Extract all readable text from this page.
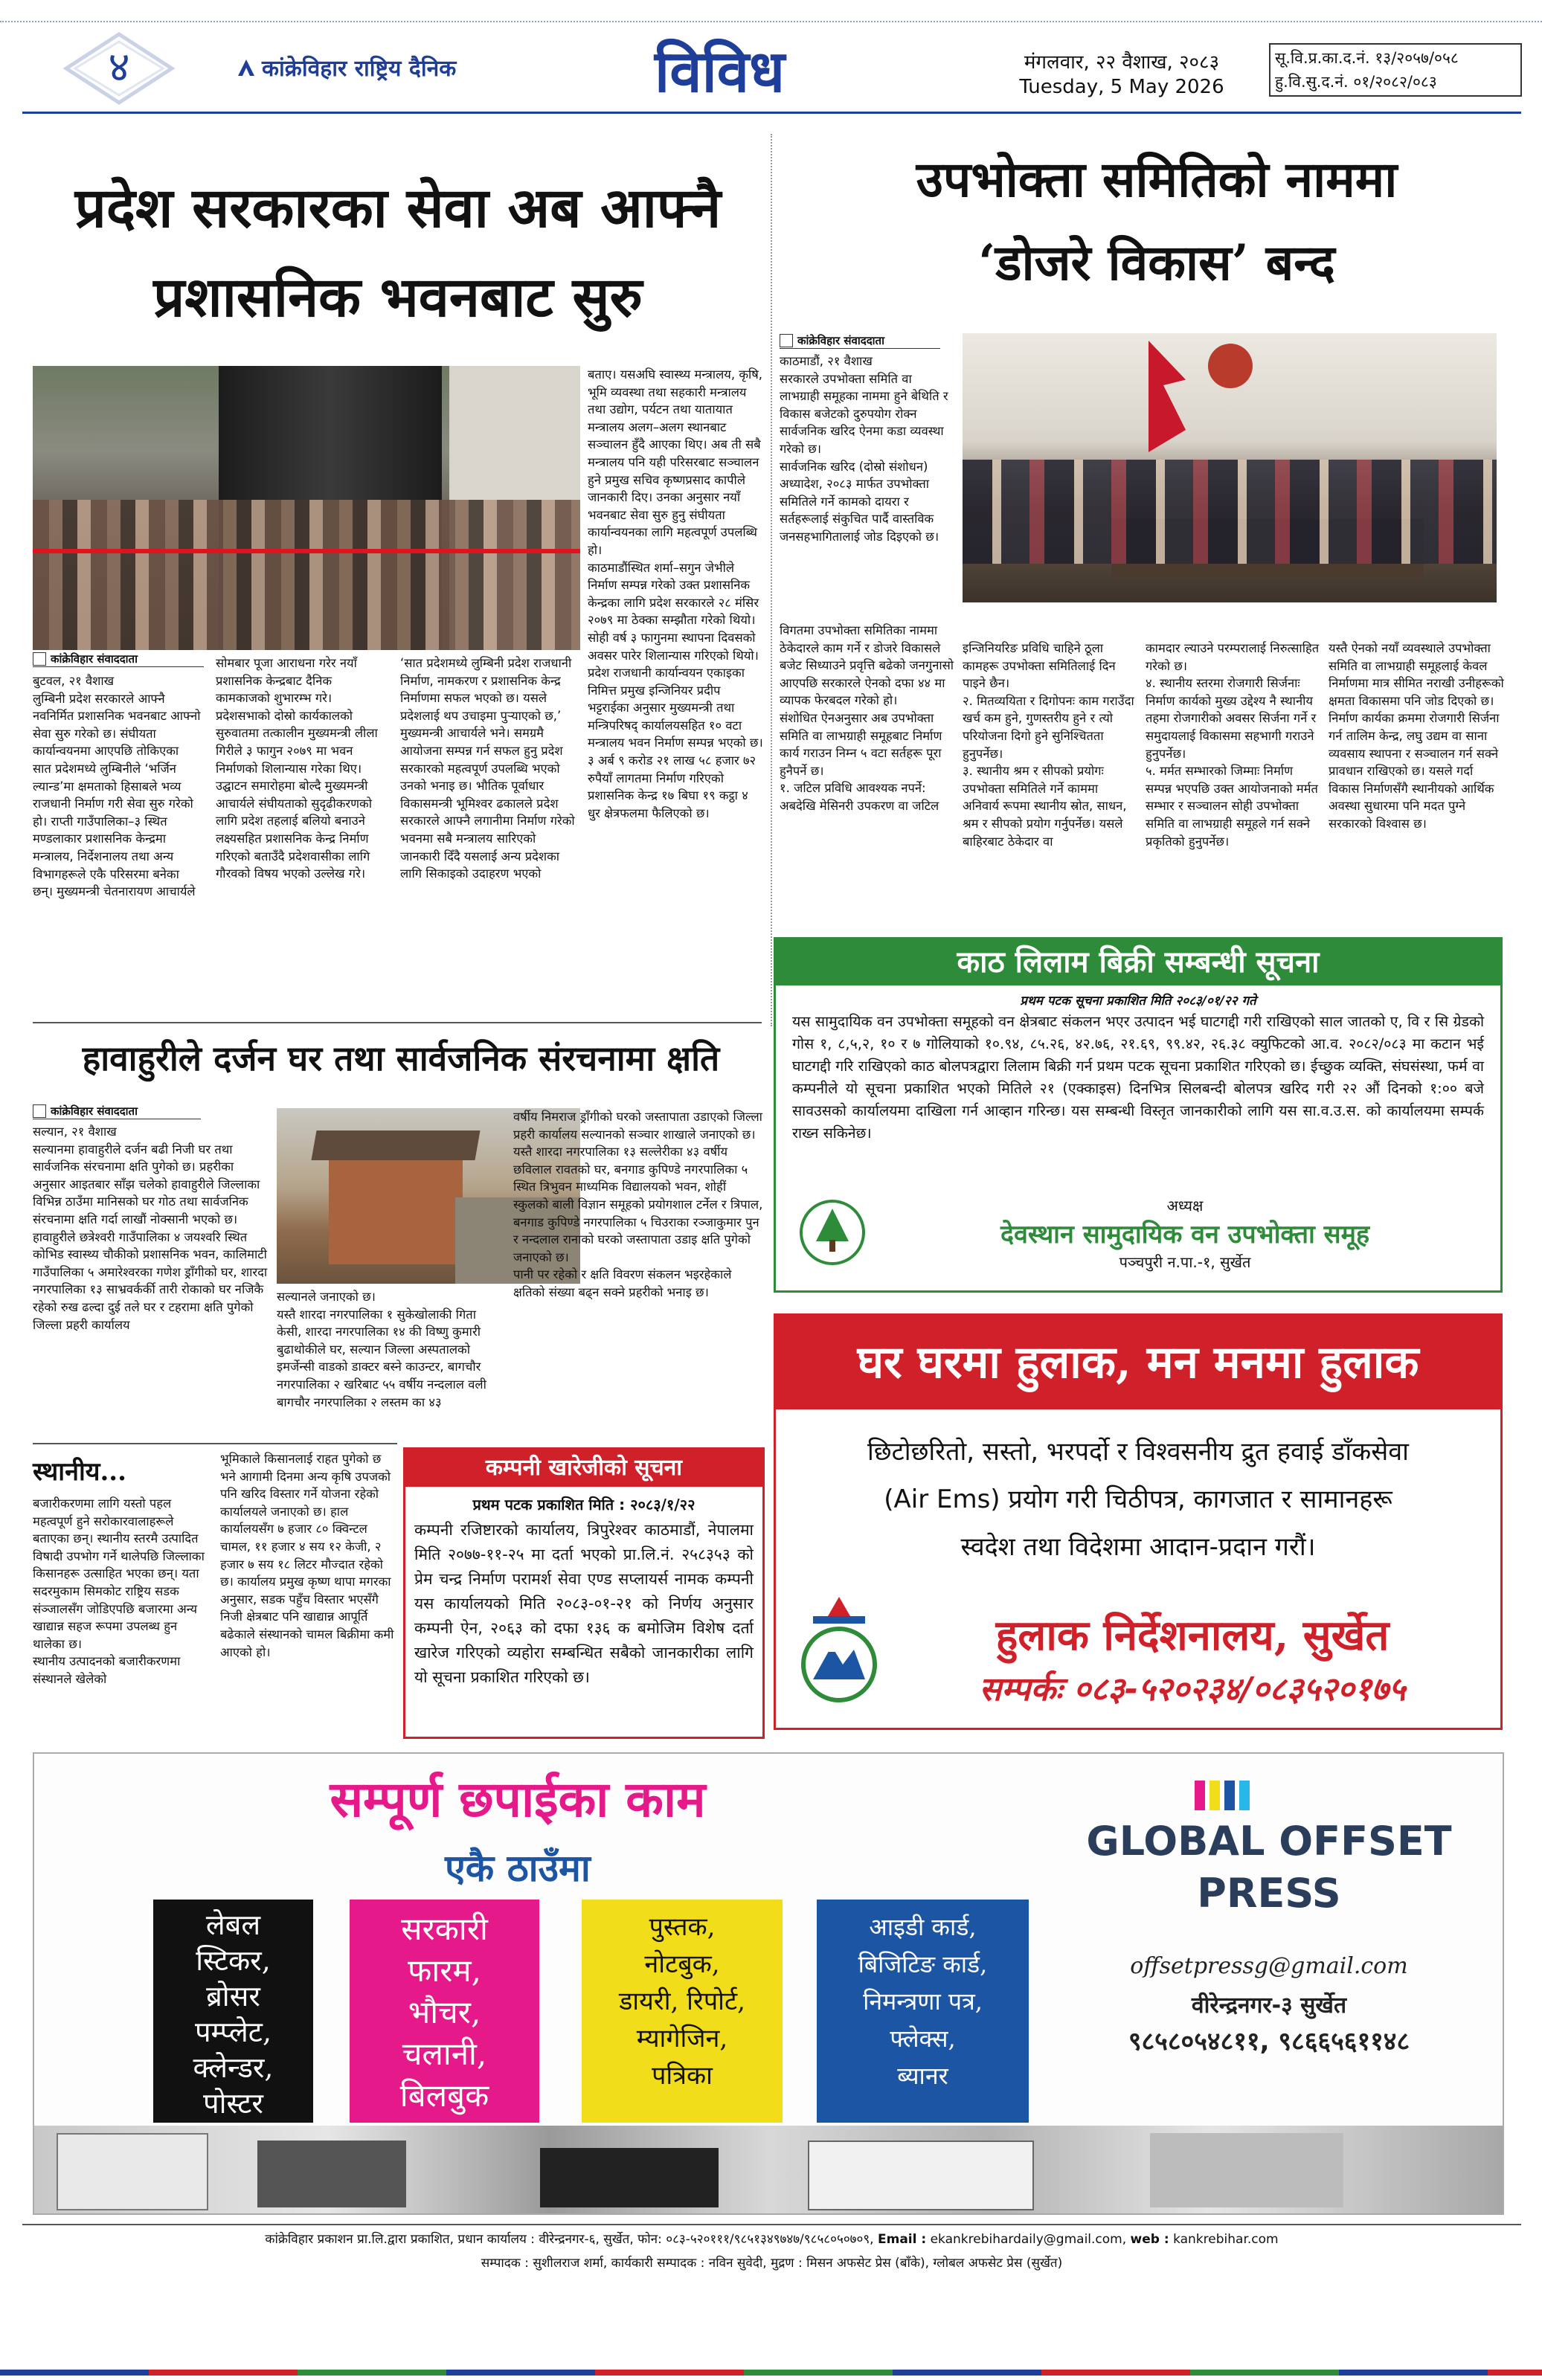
४	कांक्रेविहार राष्ट्रिय दैनिक	विविध	मंगलवार, २२ वैशाख, २०८३
Tuesday, 5 May 2026
सू.वि.प्र.का.द.नं. १३/२०५७/०५८
हु.वि.सु.द.नं. ०१/२०८२/०८३
प्रदेश सरकारका सेवा अब आफ्नै
प्रशासनिक भवनबाट सुरु

बताए। यसअघि स्वास्थ्य मन्त्रालय, कृषि, भूमि व्यवस्था तथा सहकारी मन्त्रालय तथा उद्योग, पर्यटन तथा यातायात मन्त्रालय अलग–अलग स्थानबाट सञ्चालन हुँदै आएका थिए। अब ती सबै मन्त्रालय पनि यही परिसरबाट सञ्चालन हुने प्रमुख सचिव कृष्णप्रसाद कापीले जानकारी दिए। उनका अनुसार नयाँ भवनबाट सेवा सुरु हुनु संघीयता कार्यान्वयनका लागि महत्वपूर्ण उपलब्धि हो।
काठमाडौंस्थित शर्मा–सगुन जेभीले निर्माण सम्पन्न गरेको उक्त प्रशासनिक केन्द्रका लागि प्रदेश सरकारले २८ मंसिर २०७९ मा ठेक्का सम्झौता गरेको थियो। सोही वर्ष ३ फागुनमा स्थापना दिवसको अवसर पारेर शिलान्यास गरिएको थियो। प्रदेश राजधानी कार्यान्वयन एकाइका निमित्त प्रमुख इन्जिनियर प्रदीप भट्टराईका अनुसार मुख्यमन्त्री तथा मन्त्रिपरिषद् कार्यालयसहित १० वटा मन्त्रालय भवन निर्माण सम्पन्न भएको छ। ३ अर्ब ९ करोड २१ लाख ५८ हजार ७२ रुपैयाँ लागतमा निर्माण गरिएको प्रशासनिक केन्द्र १७ बिघा १९ कट्ठा ४ धुर क्षेत्रफलमा फैलिएको छ।

कांक्रेविहार संवाददाता

बुटवल, २१ वैशाख
लुम्बिनी प्रदेश सरकारले आफ्नै नवनिर्मित प्रशासनिक भवनबाट आफ्नो सेवा सुरु गरेको छ। संघीयता कार्यान्वयनमा आएपछि तोकिएका सात प्रदेशमध्ये लुम्बिनीले ‘भर्जिन ल्यान्ड’मा क्षमताको हिसाबले भव्य राजधानी निर्माण गरी सेवा सुरु गरेको हो। राप्ती गाउँपालिका–३ स्थित मण्डलाकार प्रशासनिक केन्द्रमा मन्त्रालय, निर्देशनालय तथा अन्य विभागहरूले एकै परिसरमा बनेका छन्। मुख्यमन्त्री चेतनारायण आचार्यले

सोमबार पूजा आराधना गरेर नयाँ प्रशासनिक केन्द्रबाट दैनिक कामकाजको शुभारम्भ गरे। प्रदेशसभाको दोस्रो कार्यकालको सुरुवातमा तत्कालीन मुख्यमन्त्री लीला गिरीले ३ फागुन २०७९ मा भवन निर्माणको शिलान्यास गरेका थिए।
उद्घाटन समारोहमा बोल्दै मुख्यमन्त्री आचार्यले संघीयताको सुदृढीकरणको लागि प्रदेश तहलाई बलियो बनाउने लक्ष्यसहित प्रशासनिक केन्द्र निर्माण गरिएको बताउँदै प्रदेशवासीका लागि गौरवको विषय भएको उल्लेख गरे।

‘सात प्रदेशमध्ये लुम्बिनी प्रदेश राजधानी निर्माण, नामकरण र प्रशासनिक केन्द्र निर्माणमा सफल भएको छ। यसले प्रदेशलाई थप उचाइमा पुर्‍याएको छ,’ मुख्यमन्त्री आचार्यले भने। समग्रमै आयोजना सम्पन्न गर्न सफल हुनु प्रदेश सरकारको महत्वपूर्ण उपलब्धि भएको उनको भनाइ छ। भौतिक पूर्वाधार विकासमन्त्री भूमिश्वर ढकालले प्रदेश सरकारले आफ्नै लगानीमा निर्माण गरेको भवनमा सबै मन्त्रालय सारिएको जानकारी दिँदै यसलाई अन्य प्रदेशका लागि सिकाइको उदाहरण भएको

उपभोक्ता समितिको नाममा
‘डोजरे विकास’ बन्द
कांक्रेविहार संवाददाता

काठमाडौं, २१ वैशाख
सरकारले उपभोक्ता समिति वा लाभग्राही समूहका नाममा हुने बेथिति र विकास बजेटको दुरुपयोग रोक्न सार्वजनिक खरिद ऐनमा कडा व्यवस्था गरेको छ।
सार्वजनिक खरिद (दोस्रो संशोधन) अध्यादेश, २०८३ मार्फत उपभोक्ता समितिले गर्ने कामको दायरा र सर्तहरूलाई संकुचित पार्दै वास्तविक जनसहभागितालाई जोड दिइएको छ।

विगतमा उपभोक्ता समितिका नाममा ठेकेदारले काम गर्ने र डोजरे विकासले बजेट सिध्याउने प्रवृत्ति बढेको जनगुनासो आएपछि सरकारले ऐनको दफा ४४ मा व्यापक फेरबदल गरेको हो।
संशोधित ऐनअनुसार अब उपभोक्ता समिति वा लाभग्राही समूहबाट निर्माण कार्य गराउन निम्न ५ वटा सर्तहरू पूरा हुनैपर्ने छ।
१. जटिल प्रविधि आवश्यक नपर्ने: अबदेखि मेसिनरी उपकरण वा जटिल

इन्जिनियरिङ प्रविधि चाहिने ठूला कामहरू उपभोक्ता समितिलाई दिन पाइने छैन।
२. मितव्ययिता र दिगोपनः काम गराउँदा खर्च कम हुने, गुणस्तरीय हुने र त्यो परियोजना दिगो हुने सुनिश्चितता हुनुपर्नेछ।
३. स्थानीय श्रम र सीपको प्रयोगः उपभोक्ता समितिले गर्ने काममा अनिवार्य रूपमा स्थानीय स्रोत, साधन, श्रम र सीपको प्रयोग गर्नुपर्नेछ। यसले बाहिरबाट ठेकेदार वा

कामदार ल्याउने परम्परालाई निरुत्साहित गरेको छ।
४. स्थानीय स्तरमा रोजगारी सिर्जनाः निर्माण कार्यको मुख्य उद्देश्य नै स्थानीय तहमा रोजगारीको अवसर सिर्जना गर्ने र समुदायलाई विकासमा सहभागी गराउने हुनुपर्नेछ।
५. मर्मत सम्भारको जिम्माः निर्माण सम्पन्न भएपछि उक्त आयोजनाको मर्मत सम्भार र सञ्चालन सोही उपभोक्ता समिति वा लाभग्राही समूहले गर्न सक्ने प्रकृतिको हुनुपर्नेछ।

यस्तै ऐनको नयाँ व्यवस्थाले उपभोक्ता समिति वा लाभग्राही समूहलाई केवल निर्माणमा मात्र सीमित नराखी उनीहरूको क्षमता विकासमा पनि जोड दिएको छ।
निर्माण कार्यका क्रममा रोजगारी सिर्जना गर्न तालिम केन्द्र, लघु उद्यम वा साना व्यवसाय स्थापना र सञ्चालन गर्न सक्ने प्रावधान राखिएको छ। यसले गर्दा विकास निर्माणसँगै स्थानीयको आर्थिक अवस्था सुधारमा पनि मदत पुग्ने सरकारको विश्वास छ।

काठ लिलाम बिक्री सम्बन्धी सूचना
प्रथम पटक सूचना प्रकाशित मिति २०८३/०१/२२ गते
यस सामुदायिक वन उपभोक्ता समूहको वन क्षेत्रबाट संकलन भएर उत्पादन भई घाटगद्दी गरी राखिएको साल जातको ए, वि र सि ग्रेडको गोस १, ८,५,२, १० र ७ गोलियाको १०.९४, ८५.२६, ४२.७६, २१.६९, ९९.४२, २६.३८ क्युफिटको आ.व. २०८२/०८३ मा कटान भई घाटगद्दी गरि राखिएको काठ बोलपत्रद्वारा लिलाम बिक्री गर्न प्रथम पटक सूचना प्रकाशित गरिएको छ। ईच्छुक व्यक्ति, संघसंस्था, फर्म वा कम्पनीले यो सूचना प्रकाशित भएको मितिले २१ (एक्काइस) दिनभित्र सिलबन्दी बोलपत्र खरिद गरी २२ औं दिनको १:०० बजे सावउसको कार्यालयमा दाखिला गर्न आव्हान गरिन्छ। यस सम्बन्धी विस्तृत जानकारीको लागि यस सा.व.उ.स. को कार्यालयमा सम्पर्क राख्न सकिनेछ।
अध्यक्ष
देवस्थान सामुदायिक वन उपभोक्ता समूह
पञ्चपुरी न.पा.-१, सुर्खेत
हावाहुरीले दर्जन घर तथा सार्वजनिक संरचनामा क्षति
कांक्रेविहार संवाददाता

सल्यान, २१ वैशाख
सल्यानमा हावाहुरीले दर्जन बढी निजी घर तथा सार्वजनिक संरचनामा क्षति पुगेको छ। प्रहरीका अनुसार आइतबार साँझ चलेको हावाहुरीले जिल्लाका विभिन्न ठाउँमा मानिसको घर गोठ तथा सार्वजनिक संरचनामा क्षति गर्दा लाखौं नोक्सानी भएको छ।
हावाहुरीले छत्रेश्वरी गाउँपालिका ४ जयश्वरि स्थित कोभिड स्वास्थ्य चौकीको प्रशासनिक भवन, कालिमाटी गाउँपालिका ५ अमारेश्वरका गणेश ड्राँगीको घर, शारदा नगरपालिका १३ साभ्रवर्कर्की तारी रोकाको घर नजिकै रहेको रुख ढल्दा दुई तले घर र टहरामा क्षति पुगेको जिल्ला प्रहरी कार्यालय

सल्यानले जनाएको छ।
यस्तै शारदा नगरपालिका १ सुकेखोलाकी गिता केसी, शारदा नगरपालिका १४ की विष्णु कुमारी बुढाथोकीले घर, सल्यान जिल्ला अस्पतालको इमर्जेन्सी वाडको डाक्टर बस्ने काउन्टर, बागचौर नगरपालिका २ खरिबाट ५५ वर्षीय नन्दलाल वली बागचौर नगरपालिका २ लस्तम का ४३

वर्षीय निमराज ड्राँगीको घरको जस्तापाता उडाएको जिल्ला प्रहरी कार्यालय सल्यानको सञ्चार शाखाले जनाएको छ।
यस्तै शारदा नगरपालिका १३ सल्लेरीका ४३ वर्षीय छविलाल रावतको घर, बनगाड कुपिण्डे नगरपालिका ५ स्थित त्रिभुवन माध्यमिक विद्यालयको भवन, शोहीं स्कुलको बाली विज्ञान समूहको प्रयोगशाल टर्नेल र त्रिपाल, बनगाड कुपिण्डे नगरपालिका ५ चिउराका रञ्जाकुमार पुन र नन्दलाल रानाको घरको जस्तापाता उडाइ क्षति पुगेको जनाएको छ।
पानी पर रहेको र क्षति विवरण संकलन भइरहेकाले क्षतिको संख्या बढ्न सक्ने प्रहरीको भनाइ छ।

स्थानीय...

बजारीकरणमा लागि यस्तो पहल महत्वपूर्ण हुने सरोकारवालाहरूले बताएका छन्। स्थानीय स्तरमै उत्पादित विषादी उपभोग गर्ने थालेपछि जिल्लाका किसानहरू उत्साहित भएका छन्। यता सदरमुकाम सिमकोट राष्ट्रिय सडक संञ्जालसँग जोडिएपछि बजारमा अन्य खाद्यान्न सहज रूपमा उपलब्ध हुन थालेका छ।
स्थानीय उत्पादनको बजारीकरणमा संस्थानले खेलेको

भूमिकाले किसानलाई राहत पुगेको छ भने आगामी दिनमा अन्य कृषि उपजको पनि खरिद विस्तार गर्ने योजना रहेको कार्यालयले जनाएको छ। हाल कार्यालयसँग ७ हजार ८० क्विन्टल चामल, ११ हजार ४ सय १२ केजी, २ हजार ७ सय १८ लिटर मौज्दात रहेको छ। कार्यालय प्रमुख कृष्ण थापा मगरका अनुसार, सडक पहुँच विस्तार भएसँगै निजी क्षेत्रबाट पनि खाद्यान्न आपूर्ति बढेकाले संस्थानको चामल बिक्रीमा कमी आएको हो।

कम्पनी खारेजीको सूचना
प्रथम पटक प्रकाशित मिति : २०८३/१/२२
कम्पनी रजिष्टारको कार्यालय, त्रिपुरेश्वर काठमाडौं, नेपालमा मिति २०७७-११-२५ मा दर्ता भएको प्रा.लि.नं. २५८३५३ को प्रेम चन्द्र निर्माण परामर्श सेवा एण्ड सप्लायर्स नामक कम्पनी यस कार्यालयको मिति २०८३-०१-२१ को निर्णय अनुसार कम्पनी ऐन, २०६३ को दफा १३६ क बमोजिम विशेष दर्ता खारेज गरिएको व्यहोरा सम्बन्धित सबैको जानकारीका लागि यो सूचना प्रकाशित गरिएको छ।
घर घरमा हुलाक, मन मनमा हुलाक
छिटोछरितो, सस्तो, भरपर्दो र विश्वसनीय द्रुत हवाई डाँकसेवा
(Air Ems) प्रयोग गरी चिठीपत्र, कागजात र सामानहरू
स्वदेश तथा विदेशमा आदान-प्रदान गरौं।
हुलाक निर्देशनालय, सुर्खेत
सम्पर्कः ०८३-५२०२३४/०८३५२०१७५
सम्पूर्ण छपाईका काम
एकै ठाउँमा
लेबल
स्टिकर,
ब्रोसर
पम्प्लेट,
क्लेन्डर,
पोस्टर
सरकारी
फारम,
भौचर,
चलानी,
बिलबुक
पुस्तक,
नोटबुक,
डायरी, रिपोर्ट,
म्यागेजिन,
पत्रिका
आइडी कार्ड,
बिजिटिङ कार्ड,
निमन्त्रणा पत्र,
फ्लेक्स,
ब्यानर
GLOBAL OFFSET
PRESS
offsetpressg@gmail.com
वीरेन्द्रनगर-३ सुर्खेत
९८५८०५४८११, ९८६६५६११४८
कांक्रेविहार प्रकाशन प्रा.लि.द्वारा प्रकाशित, प्रधान कार्यालय : वीरेन्द्रनगर-६, सुर्खेत, फोन: ०८३-५२०१११/९८५१३४९७४७/९८५८०५०७०९, Email : ekankrebihardaily@gmail.com, web : kankrebihar.com
सम्पादक : सुशीलराज शर्मा, कार्यकारी सम्पादक : नविन सुवेदी, मुद्रण : मिसन अफसेट प्रेस (बाँके), ग्लोबल अफसेट प्रेस (सुर्खेत)
